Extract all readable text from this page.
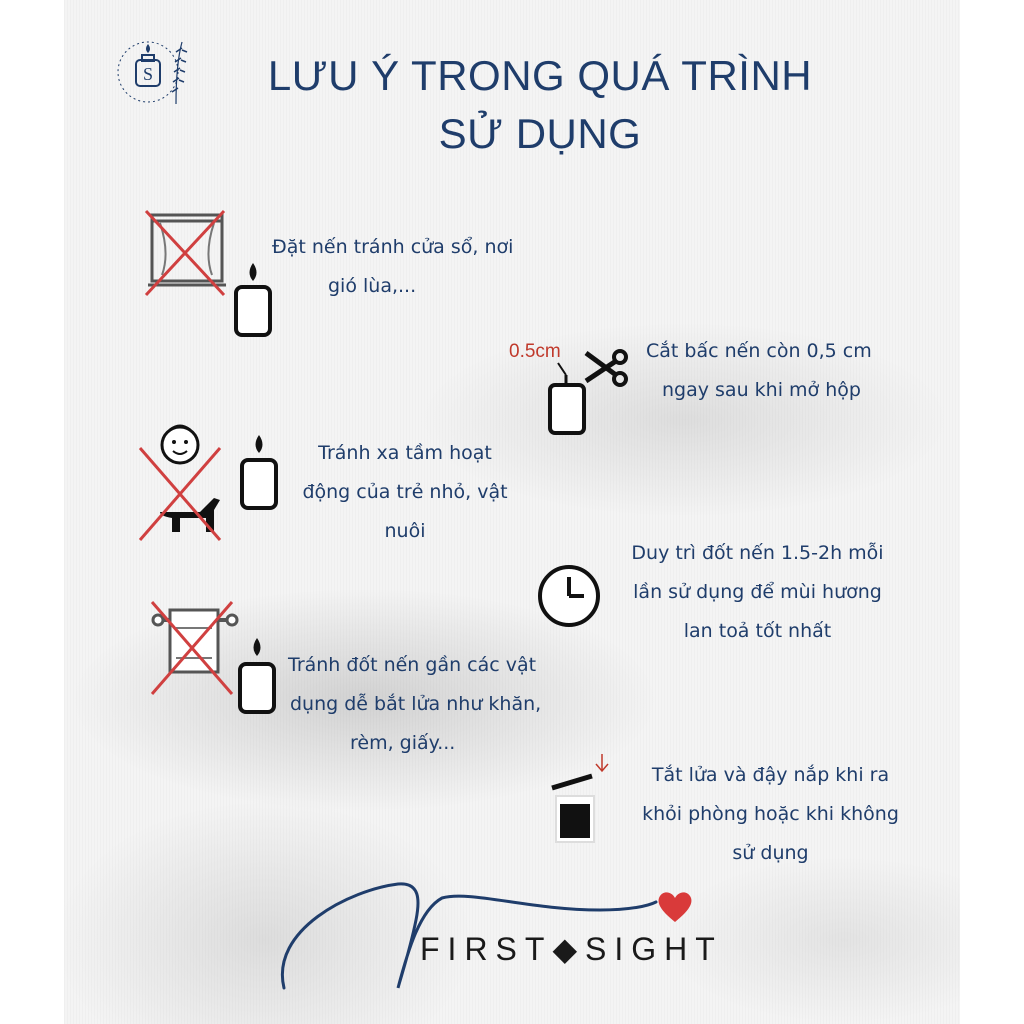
S	LƯU Ý TRONG QUÁ TRÌNH
SỬ DỤNG
Đặt nến tránh cửa sổ, nơi
gió lùa,...
0.5cm	Cắt bấc nến còn 0,5 cm
ngay sau khi mở hộp
Tránh xa tầm hoạt
động của trẻ nhỏ, vật
nuôi
Duy trì đốt nến 1.5-2h mỗi
lần sử dụng để mùi hương
lan toả tốt nhất
Tránh đốt nến gần các vật
dụng dễ bắt lửa như khăn,
rèm, giấy...
Tắt lửa và đậy nắp khi ra
khỏi phòng hoặc khi không
sử dụng
FIRST◆SIGHT
